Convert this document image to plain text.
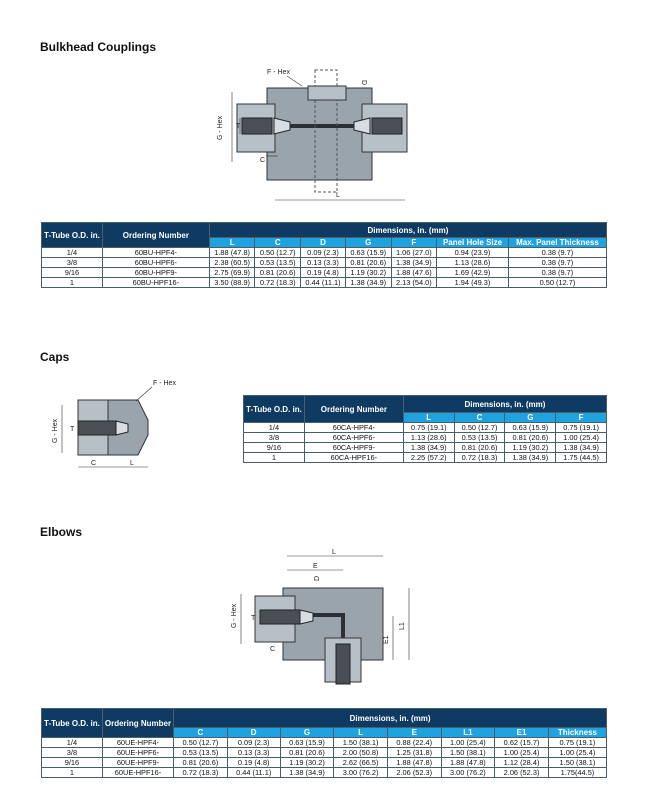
Bulkhead Couplings
G - Hex T
C
F - Hex
D
L
T-Tube O.D. in.	Ordering Number	Dimensions, in. (mm)						
		L	C	D	G	F	Panel Hole Size	Max. Panel Thickness
1/4	60BU-HPF4-	1.88 (47.8)	0.50 (12.7)	0.09 (2.3)	0.63 (15.9)	1.06 (27.0)	0.94 (23.9)	0.38 (9.7)
3/8	60BU-HPF6-	2.38 (60.5)	0.53 (13.5)	0.13 (3.3)	0.81 (20.6)	1.38 (34.9)	1.13 (28.6)	0.38 (9.7)
9/16	60BU-HPF9-	2.75 (69.9)	0.81 (20.6)	0.19 (4.8)	1.19 (30.2)	1.88 (47.6)	1.69 (42.9)	0.38 (9.7)
1	60BU-HPF16-	3.50 (88.9)	0.72 (18.3)	0.44 (11.1)	1.38 (34.9)	2.13 (54.0)	1.94 (49.3)	0.50 (12.7)
Caps
G - Hex T
F - Hex
C	L
T-Tube O.D. in.	Ordering Number	Dimensions, in. (mm)			
		L	C	G	F
1/4	60CA-HPF4-	0.75 (19.1)	0.50 (12.7)	0.63 (15.9)	0.75 (19.1)
3/8	60CA-HPF6-	1.13 (28.6)	0.53 (13.5)	0.81 (20.6)	1.00 (25.4)
9/16	60CA-HPF9-	1.38 (34.9)	0.81 (20.6)	1.19 (30.2)	1.38 (34.9)
1	60CA-HPF16-	2.25 (57.2)	0.72 (18.3)	1.38 (34.9)	1.75 (44.5)
Elbows
L
E
D
G - Hex T
C
E1
L1
T-Tube O.D. in.	Ordering Number	Dimensions, in. (mm)							
		C	D	G	L	E	L1	E1	Thickness
1/4	60UE-HPF4-	0.50 (12.7)	0.09 (2.3)	0.63 (15.9)	1.50 (38.1)	0.88 (22.4)	1.00 (25.4)	0.62 (15.7)	0.75 (19.1)
3/8	60UE-HPF6-	0.53 (13.5)	0.13 (3.3)	0.81 (20.6)	2.00 (50.8)	1.25 (31.8)	1.50 (38.1)	1.00 (25.4)	1.00 (25.4)
9/16	60UE-HPF9-	0.81 (20.6)	0.19 (4.8)	1.19 (30.2)	2.62 (66.5)	1.88 (47.8)	1.88 (47.8)	1.12 (28.4)	1.50 (38.1)
1	60UE-HPF16-	0.72 (18.3)	0.44 (11.1)	1.38 (34.9)	3.00 (76.2)	2.06 (52.3)	3.00 (76.2)	2.06 (52.3)	1.75(44.5)
